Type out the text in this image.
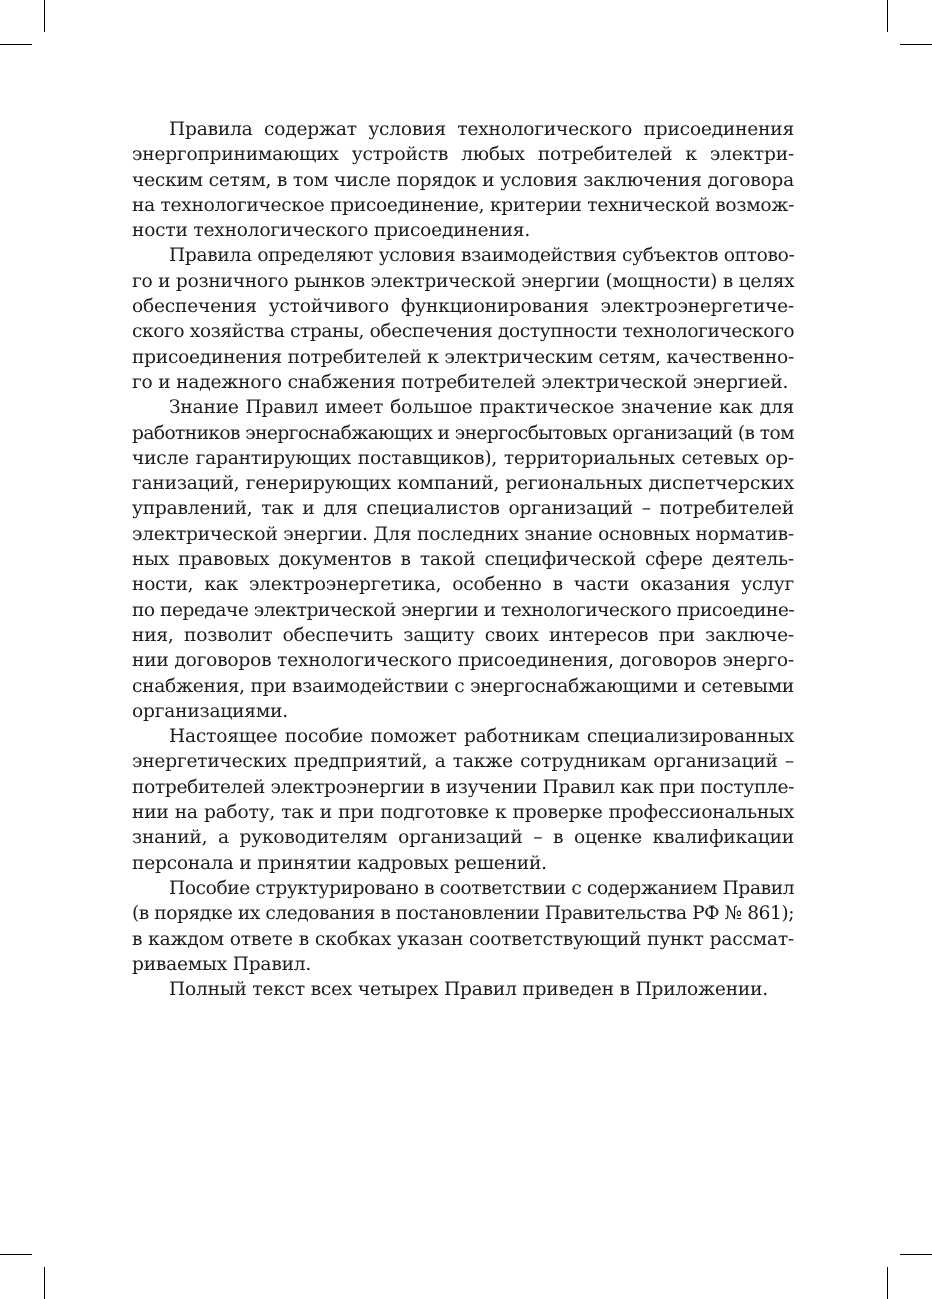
Правила содержат условия технологического присоединения
энергопринимающих устройств любых потребителей к электри-
ческим сетям, в том числе порядок и условия заключения договора
на технологическое присоединение, критерии технической возмож-
ности технологического присоединения.
Правила определяют условия взаимодействия субъектов оптово-
го и розничного рынков электрической энергии (мощности) в целях
обеспечения устойчивого функционирования электроэнергетиче-
ского хозяйства страны, обеспечения доступности технологического
присоединения потребителей к электрическим сетям, качественно-
го и надежного снабжения потребителей электрической энергией.
Знание Правил имеет большое практическое значение как для
работников энергоснабжающих и энергосбытовых организаций (в том
числе гарантирующих поставщиков), территориальных сетевых ор-
ганизаций, генерирующих компаний, региональных диспетчерских
управлений, так и для специалистов организаций – потребителей
электрической энергии. Для последних знание основных норматив-
ных правовых документов в такой специфической сфере деятель-
ности, как электроэнергетика, особенно в части оказания услуг
по передаче электрической энергии и технологического присоедине-
ния, позволит обеспечить защиту своих интересов при заключе-
нии договоров технологического присоединения, договоров энерго-
снабжения, при взаимодействии с энергоснабжающими и сетевыми
организациями.
Настоящее пособие поможет работникам специализированных
энергетических предприятий, а также сотрудникам организаций –
потребителей электроэнергии в изучении Правил как при поступле-
нии на работу, так и при подготовке к проверке профессиональных
знаний, а руководителям организаций – в оценке квалификации
персонала и принятии кадровых решений.
Пособие структурировано в соответствии с содержанием Правил
(в порядке их следования в постановлении Правительства РФ № 861);
в каждом ответе в скобках указан соответствующий пункт рассмат-
риваемых Правил.
Полный текст всех четырех Правил приведен в Приложении.
